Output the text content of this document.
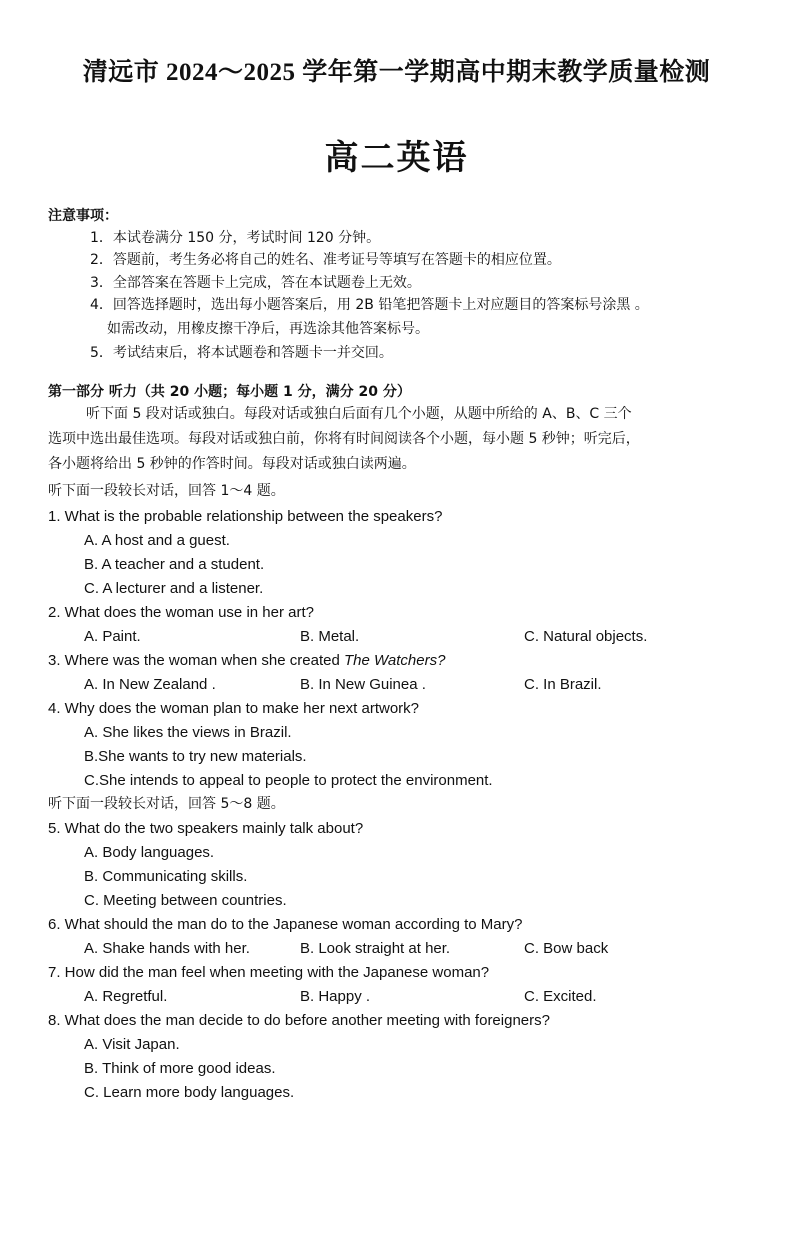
清远市 2024～2025 学年第一学期高中期末教学质量检测
高二英语
注意事项：
1．本试卷满分 150 分，考试时间 120 分钟。
2．答题前，考生务必将自己的姓名、准考证号等填写在答题卡的相应位置。
3．全部答案在答题卡上完成，答在本试题卷上无效。
4．回答选择题时，选出每小题答案后，用 2B 铅笔把答题卡上对应题目的答案标号涂黑 。
如需改动，用橡皮擦干净后，再选涂其他答案标号。
5．考试结束后，将本试题卷和答题卡一并交回。
第一部分 听力（共 20 小题；每小题 1 分，满分 20 分）
听下面 5 段对话或独白。每段对话或独白后面有几个小题，从题中所给的 A、B、C 三个
选项中选出最佳选项。每段对话或独白前，你将有时间阅读各个小题，每小题 5 秒钟；听完后，
各小题将给出 5 秒钟的作答时间。每段对话或独白读两遍。
听下面一段较长对话，回答 1～4 题。
1. What is the probable relationship between the speakers?
A. A host and a guest.
B. A teacher and a student.
C. A lecturer and a listener.
2. What does the woman use in her art?
A. Paint.	B. Metal.	C. Natural objects.
3. Where was the woman when she created The Watchers?
A. In New Zealand .	B. In New Guinea .	C. In Brazil.
4. Why does the woman plan to make her next artwork?
A. She likes the views in Brazil.
B.She wants to try new materials.
C.She intends to appeal to people to protect the environment.
听下面一段较长对话，回答 5～8 题。
5. What do the two speakers mainly talk about?
A. Body languages.
B. Communicating skills.
C. Meeting between countries.
6. What should the man do to the Japanese woman according to Mary?
A. Shake hands with her.	B. Look straight at her.	C. Bow back
7. How did the man feel when meeting with the Japanese woman?
A. Regretful.	B. Happy .	C. Excited.
8. What does the man decide to do before another meeting with foreigners?
A. Visit Japan.
B. Think of more good ideas.
C. Learn more body languages.
